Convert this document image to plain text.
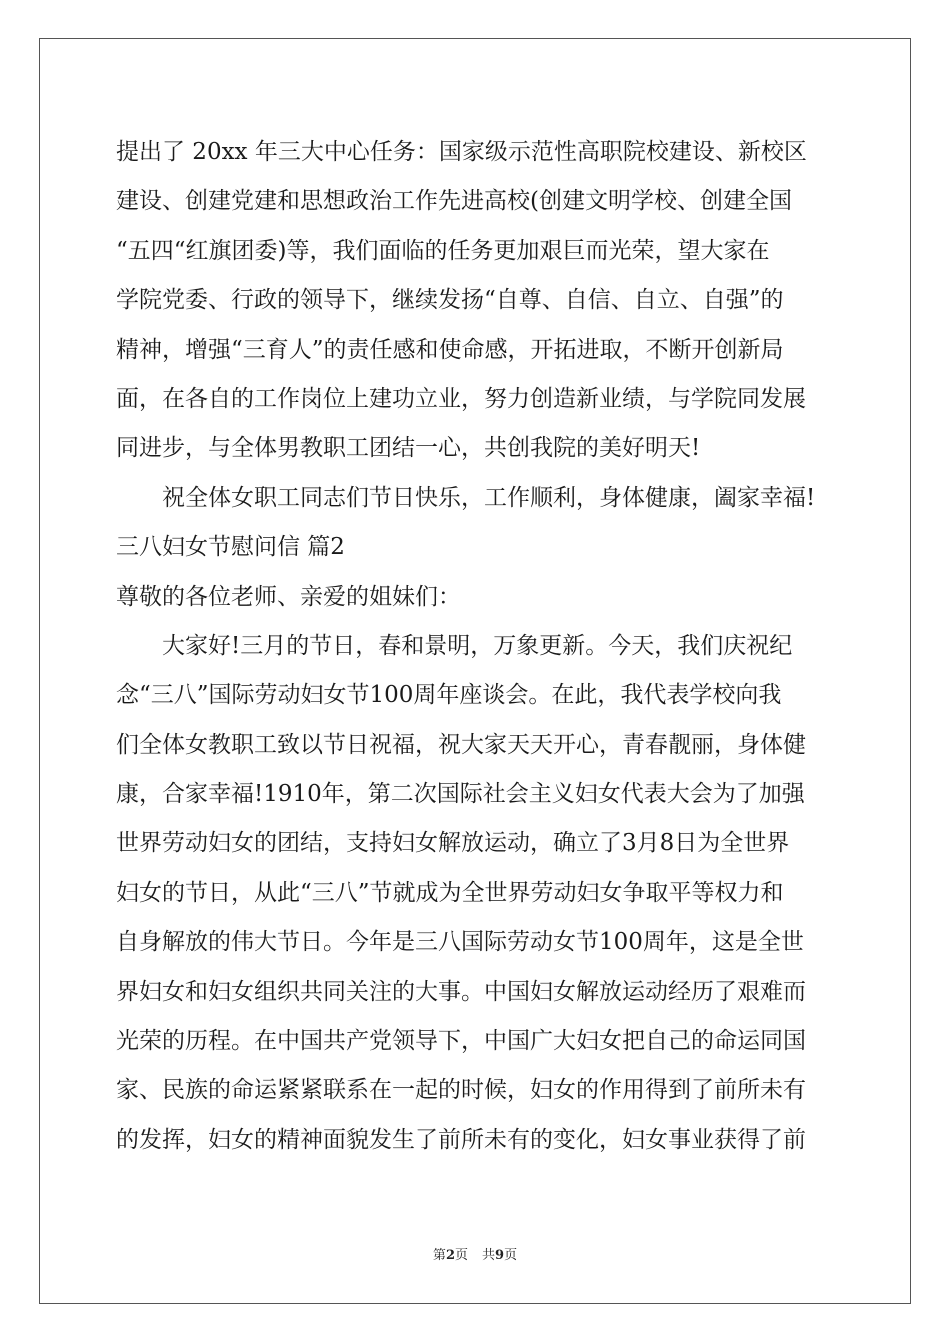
提出了 20xx 年三大中心任务：国家级示范性高职院校建设、新校区
建设、创建党建和思想政治工作先进高校(创建文明学校、创建全国
“五四“红旗团委)等，我们面临的任务更加艰巨而光荣，望大家在
学院党委、行政的领导下，继续发扬“自尊、自信、自立、自强”的
精神，增强“三育人”的责任感和使命感，开拓进取，不断开创新局
面，在各自的工作岗位上建功立业，努力创造新业绩，与学院同发展
同进步，与全体男教职工团结一心，共创我院的美好明天!
祝全体女职工同志们节日快乐，工作顺利，身体健康，阖家幸福!
三八妇女节慰问信 篇2
尊敬的各位老师、亲爱的姐妹们：
大家好!三月的节日，春和景明，万象更新。今天，我们庆祝纪
念“三八”国际劳动妇女节100周年座谈会。在此，我代表学校向我
们全体女教职工致以节日祝福，祝大家天天开心，青春靓丽，身体健
康，合家幸福!1910年，第二次国际社会主义妇女代表大会为了加强
世界劳动妇女的团结，支持妇女解放运动，确立了3月8日为全世界
妇女的节日，从此“三八”节就成为全世界劳动妇女争取平等权力和
自身解放的伟大节日。今年是三八国际劳动女节100周年，这是全世
界妇女和妇女组织共同关注的大事。中国妇女解放运动经历了艰难而
光荣的历程。在中国共产党领导下，中国广大妇女把自己的命运同国
家、民族的命运紧紧联系在一起的时候，妇女的作用得到了前所未有
的发挥，妇女的精神面貌发生了前所未有的变化，妇女事业获得了前
第2页 共9页
